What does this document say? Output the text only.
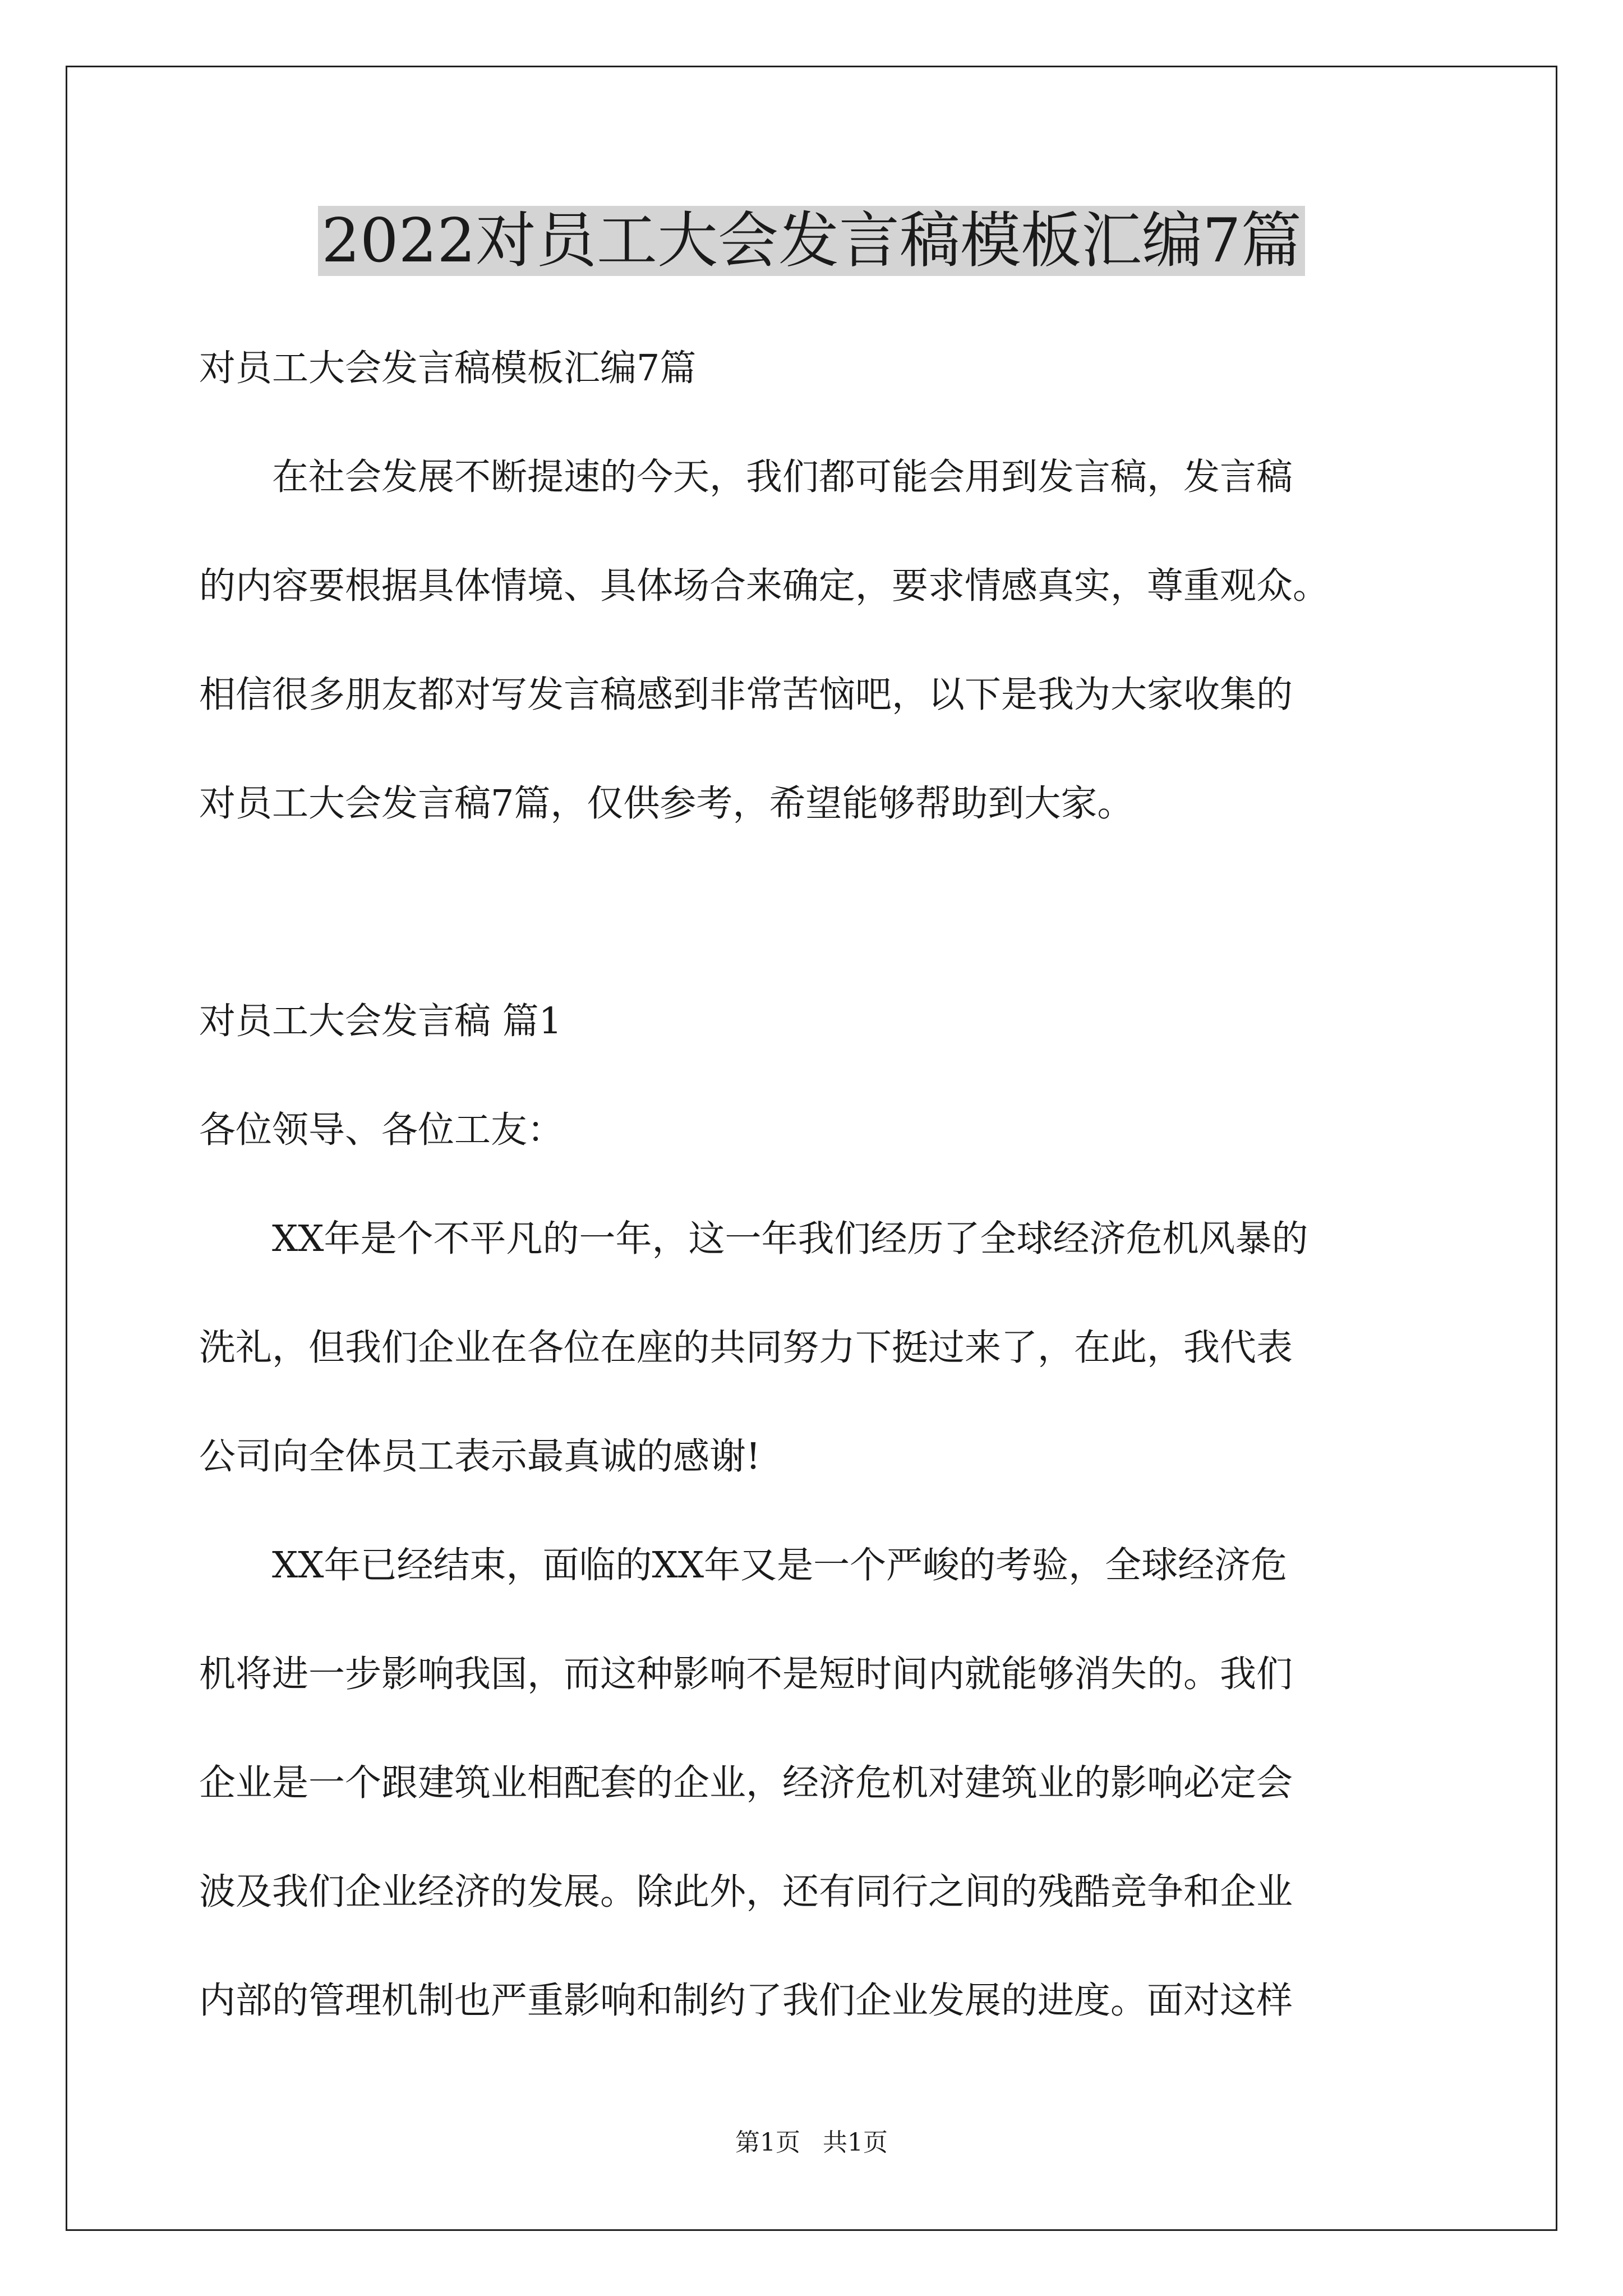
2022对员工大会发言稿模板汇编7篇

对员工大会发言稿模板汇编7篇

在社会发展不断提速的今天，我们都可能会用到发言稿，发言稿

的内容要根据具体情境、具体场合来确定，要求情感真实，尊重观众。

相信很多朋友都对写发言稿感到非常苦恼吧，以下是我为大家收集的

对员工大会发言稿7篇，仅供参考，希望能够帮助到大家。

对员工大会发言稿 篇1

各位领导、各位工友：

XX年是个不平凡的一年，这一年我们经历了全球经济危机风暴的

洗礼，但我们企业在各位在座的共同努力下挺过来了，在此，我代表

公司向全体员工表示最真诚的感谢!

XX年已经结束，面临的XX年又是一个严峻的考验，全球经济危

机将进一步影响我国，而这种影响不是短时间内就能够消失的。我们

企业是一个跟建筑业相配套的企业，经济危机对建筑业的影响必定会

波及我们企业经济的发展。除此外，还有同行之间的残酷竞争和企业

内部的管理机制也严重影响和制约了我们企业发展的进度。面对这样

第1页 共1页
